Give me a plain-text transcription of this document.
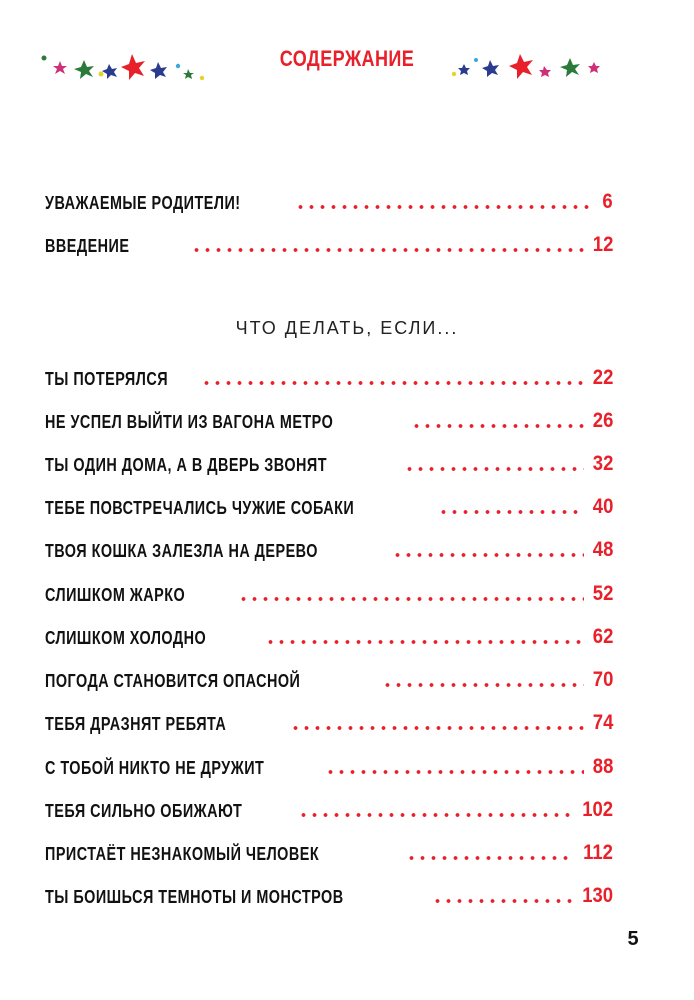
СОДЕРЖАНИЕ
УВАЖАЕМЫЕ РОДИТЕЛИ!	6
ВВЕДЕНИЕ	12
ЧТО ДЕЛАТЬ, ЕСЛИ...
ТЫ ПОТЕРЯЛСЯ	22
НЕ УСПЕЛ ВЫЙТИ ИЗ ВАГОНА МЕТРО	26
ТЫ ОДИН ДОМА, А В ДВЕРЬ ЗВОНЯТ	32
ТЕБЕ ПОВСТРЕЧАЛИСЬ ЧУЖИЕ СОБАКИ	40
ТВОЯ КОШКА ЗАЛЕЗЛА НА ДЕРЕВО	48
СЛИШКОМ ЖАРКО	52
СЛИШКОМ ХОЛОДНО	62
ПОГОДА СТАНОВИТСЯ ОПАСНОЙ	70
ТЕБЯ ДРАЗНЯТ РЕБЯТА	74
С ТОБОЙ НИКТО НЕ ДРУЖИТ	88
ТЕБЯ СИЛЬНО ОБИЖАЮТ	102
ПРИСТАЁТ НЕЗНАКОМЫЙ ЧЕЛОВЕК	112
ТЫ БОИШЬСЯ ТЕМНОТЫ И МОНСТРОВ	130
5
